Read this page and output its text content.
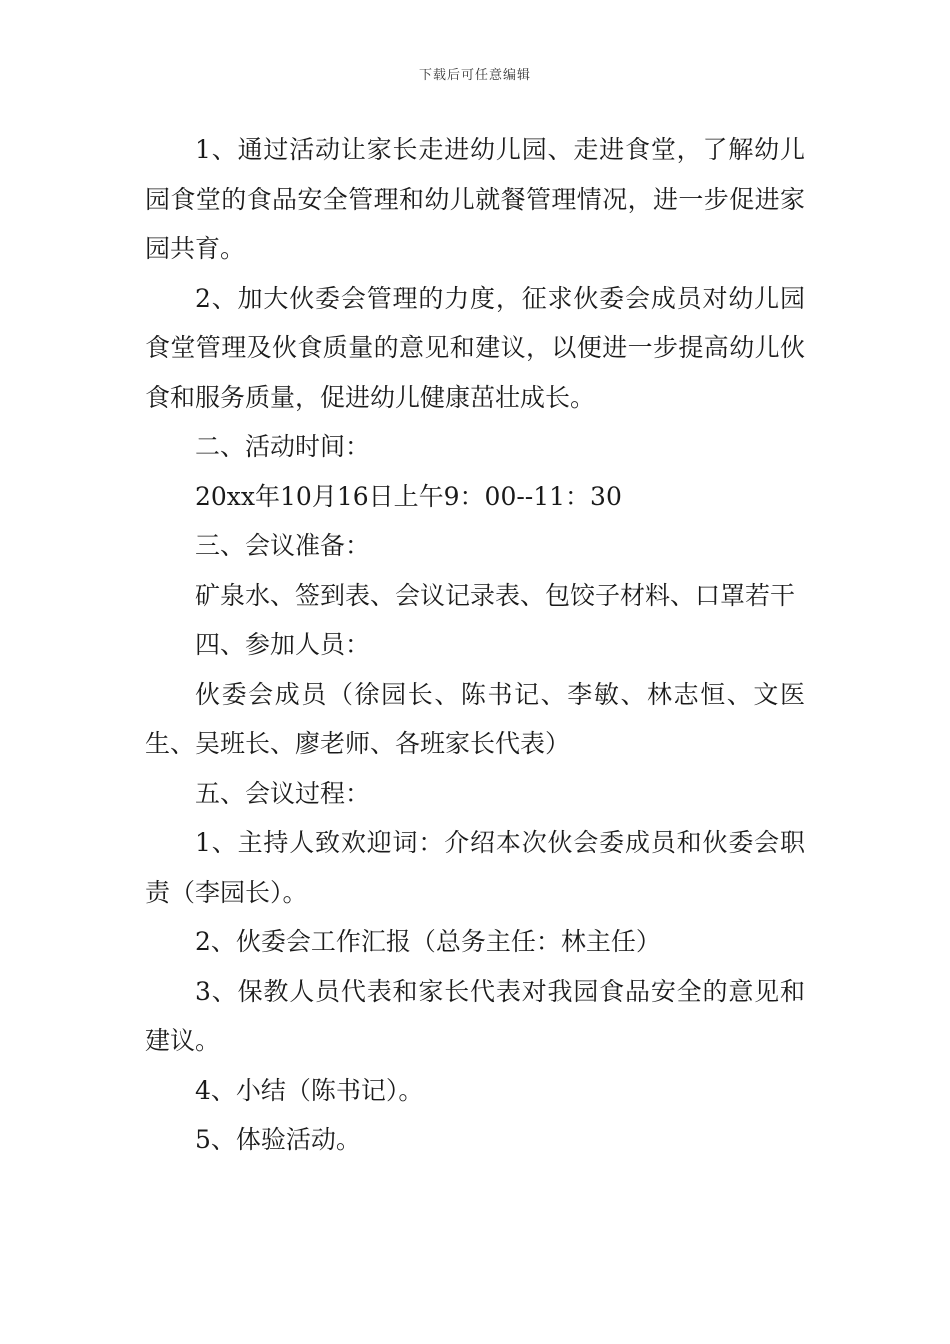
下载后可任意编辑

1、通过活动让家长走进幼儿园、走进食堂，了解幼儿园食堂的食品安全管理和幼儿就餐管理情况，进一步促进家园共育。

2、加大伙委会管理的力度，征求伙委会成员对幼儿园食堂管理及伙食质量的意见和建议，以便进一步提高幼儿伙食和服务质量，促进幼儿健康茁壮成长。

二、活动时间：

20xx年10月16日上午9：00--11：30

三、会议准备：

矿泉水、签到表、会议记录表、包饺子材料、口罩若干

四、参加人员：

伙委会成员（徐园长、陈书记、李敏、林志恒、文医生、吴班长、廖老师、各班家长代表）

五、会议过程：

1、主持人致欢迎词：介绍本次伙会委成员和伙委会职责（李园长）。

2、伙委会工作汇报（总务主任：林主任）

3、保教人员代表和家长代表对我园食品安全的意见和建议。

4、小结（陈书记）。

5、体验活动。
